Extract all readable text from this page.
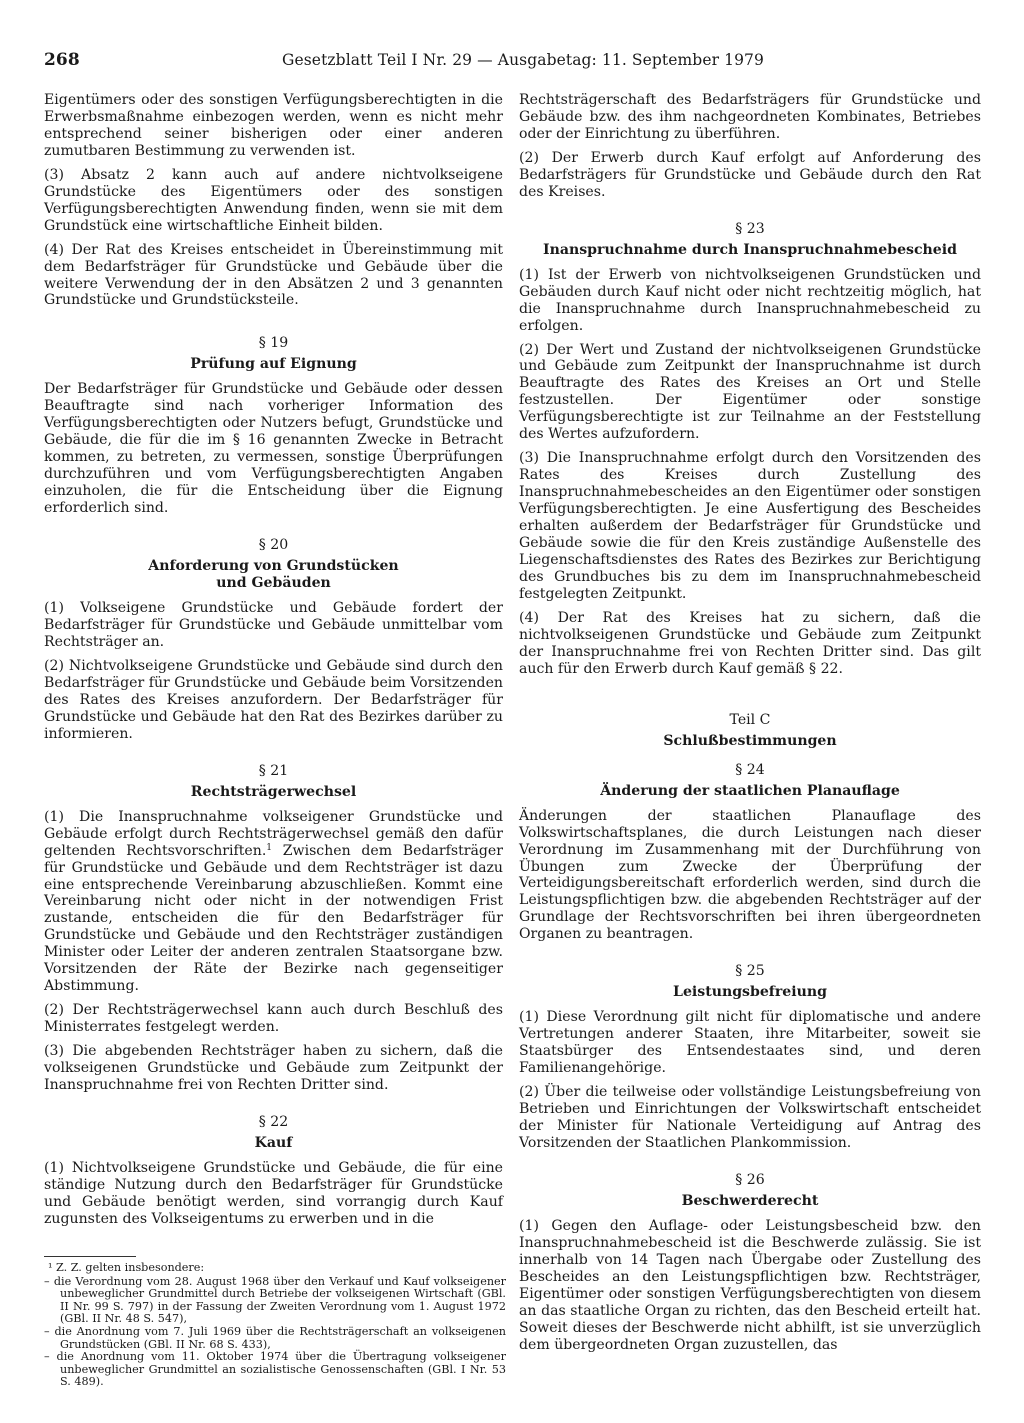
268	Gesetzblatt Teil I Nr. 29 — Ausgabetag: 11. September 1979

Eigentümers oder des sonstigen Verfügungsberechtigten in die Erwerbsmaßnahme einbezogen werden, wenn es nicht mehr entsprechend seiner bisherigen oder einer anderen zumutbaren Bestimmung zu verwenden ist.

(3) Absatz 2 kann auch auf andere nichtvolkseigene Grundstücke des Eigentümers oder des sonstigen Verfügungsberechtigten Anwendung finden, wenn sie mit dem Grundstück eine wirtschaftliche Einheit bilden.

(4) Der Rat des Kreises entscheidet in Übereinstimmung mit dem Bedarfsträger für Grundstücke und Gebäude über die weitere Verwendung der in den Absätzen 2 und 3 genannten Grundstücke und Grundstücksteile.

§ 19
Prüfung auf Eignung

Der Bedarfsträger für Grundstücke und Gebäude oder dessen Beauftragte sind nach vorheriger Information des Verfügungsberechtigten oder Nutzers befugt, Grundstücke und Gebäude, die für die im § 16 genannten Zwecke in Betracht kommen, zu betreten, zu vermessen, sonstige Überprüfungen durchzuführen und vom Verfügungsberechtigten Angaben einzuholen, die für die Entscheidung über die Eignung erforderlich sind.

§ 20
Anforderung von Grundstücken
und Gebäuden

(1) Volkseigene Grundstücke und Gebäude fordert der Bedarfsträger für Grundstücke und Gebäude unmittelbar vom Rechtsträger an.

(2) Nichtvolkseigene Grundstücke und Gebäude sind durch den Bedarfsträger für Grundstücke und Gebäude beim Vorsitzenden des Rates des Kreises anzufordern. Der Bedarfsträger für Grundstücke und Gebäude hat den Rat des Bezirkes darüber zu informieren.

§ 21
Rechtsträgerwechsel

(1) Die Inanspruchnahme volkseigener Grundstücke und Gebäude erfolgt durch Rechtsträgerwechsel gemäß den dafür geltenden Rechtsvorschriften.$^1$ Zwischen dem Bedarfsträger für Grundstücke und Gebäude und dem Rechtsträger ist dazu eine entsprechende Vereinbarung abzuschließen. Kommt eine Vereinbarung nicht oder nicht in der notwendigen Frist zustande, entscheiden die für den Bedarfsträger für Grundstücke und Gebäude und den Rechtsträger zuständigen Minister oder Leiter der anderen zentralen Staatsorgane bzw. Vorsitzenden der Räte der Bezirke nach gegenseitiger Abstimmung.

(2) Der Rechtsträgerwechsel kann auch durch Beschluß des Ministerrates festgelegt werden.

(3) Die abgebenden Rechtsträger haben zu sichern, daß die volkseigenen Grundstücke und Gebäude zum Zeitpunkt der Inanspruchnahme frei von Rechten Dritter sind.

§ 22
Kauf

(1) Nichtvolkseigene Grundstücke und Gebäude, die für eine ständige Nutzung durch den Bedarfsträger für Grundstücke und Gebäude benötigt werden, sind vorrangig durch Kauf zugunsten des Volkseigentums zu erwerben und in die

¹ Z. Z. gelten insbesondere:

– die Verordnung vom 28. August 1968 über den Verkauf und Kauf volkseigener unbeweglicher Grundmittel durch Betriebe der volkseigenen Wirtschaft (GBl. II Nr. 99 S. 797) in der Fassung der Zweiten Verordnung vom 1. August 1972 (GBl. II Nr. 48 S. 547),

– die Anordnung vom 7. Juli 1969 über die Rechtsträgerschaft an volkseigenen Grundstücken (GBl. II Nr. 68 S. 433),

– die Anordnung vom 11. Oktober 1974 über die Übertragung volkseigener unbeweglicher Grundmittel an sozialistische Genossenschaften (GBl. I Nr. 53 S. 489).

Rechtsträgerschaft des Bedarfsträgers für Grundstücke und Gebäude bzw. des ihm nachgeordneten Kombinates, Betriebes oder der Einrichtung zu überführen.

(2) Der Erwerb durch Kauf erfolgt auf Anforderung des Bedarfsträgers für Grundstücke und Gebäude durch den Rat des Kreises.

§ 23
Inanspruchnahme durch Inanspruchnahmebescheid

(1) Ist der Erwerb von nichtvolkseigenen Grundstücken und Gebäuden durch Kauf nicht oder nicht rechtzeitig möglich, hat die Inanspruchnahme durch Inanspruchnahmebescheid zu erfolgen.

(2) Der Wert und Zustand der nichtvolkseigenen Grundstücke und Gebäude zum Zeitpunkt der Inanspruchnahme ist durch Beauftragte des Rates des Kreises an Ort und Stelle festzustellen. Der Eigentümer oder sonstige Verfügungsberechtigte ist zur Teilnahme an der Feststellung des Wertes aufzufordern.

(3) Die Inanspruchnahme erfolgt durch den Vorsitzenden des Rates des Kreises durch Zustellung des Inanspruchnahmebescheides an den Eigentümer oder sonstigen Verfügungsberechtigten. Je eine Ausfertigung des Bescheides erhalten außerdem der Bedarfsträger für Grundstücke und Gebäude sowie die für den Kreis zuständige Außenstelle des Liegenschaftsdienstes des Rates des Bezirkes zur Berichtigung des Grundbuches bis zu dem im Inanspruchnahmebescheid festgelegten Zeitpunkt.

(4) Der Rat des Kreises hat zu sichern, daß die nichtvolkseigenen Grundstücke und Gebäude zum Zeitpunkt der Inanspruchnahme frei von Rechten Dritter sind. Das gilt auch für den Erwerb durch Kauf gemäß § 22.

Teil C
Schlußbestimmungen
§ 24
Änderung der staatlichen Planauflage

Änderungen der staatlichen Planauflage des Volkswirtschaftsplanes, die durch Leistungen nach dieser Verordnung im Zusammenhang mit der Durchführung von Übungen zum Zwecke der Überprüfung der Verteidigungsbereitschaft erforderlich werden, sind durch die Leistungspflichtigen bzw. die abgebenden Rechtsträger auf der Grundlage der Rechtsvorschriften bei ihren übergeordneten Organen zu beantragen.

§ 25
Leistungsbefreiung

(1) Diese Verordnung gilt nicht für diplomatische und andere Vertretungen anderer Staaten, ihre Mitarbeiter, soweit sie Staatsbürger des Entsendestaates sind, und deren Familienangehörige.

(2) Über die teilweise oder vollständige Leistungsbefreiung von Betrieben und Einrichtungen der Volkswirtschaft entscheidet der Minister für Nationale Verteidigung auf Antrag des Vorsitzenden der Staatlichen Plankommission.

§ 26
Beschwerderecht

(1) Gegen den Auflage- oder Leistungsbescheid bzw. den Inanspruchnahmebescheid ist die Beschwerde zulässig. Sie ist innerhalb von 14 Tagen nach Übergabe oder Zustellung des Bescheides an den Leistungspflichtigen bzw. Rechtsträger, Eigentümer oder sonstigen Verfügungsberechtigten von diesem an das staatliche Organ zu richten, das den Bescheid erteilt hat. Soweit dieses der Beschwerde nicht abhilft, ist sie unverzüglich dem übergeordneten Organ zuzustellen, das
